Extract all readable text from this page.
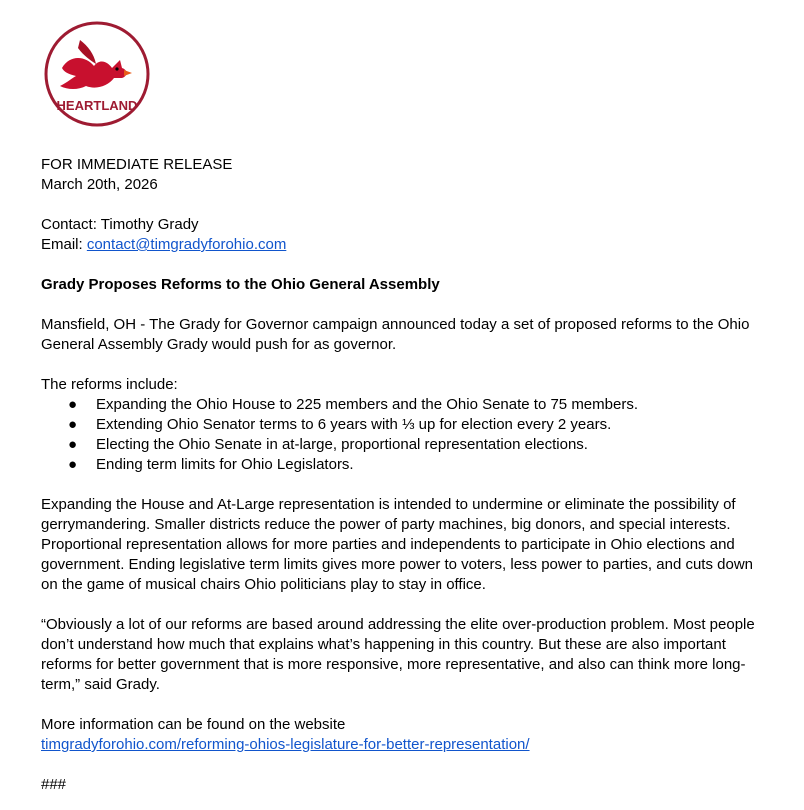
HEARTLAND

FOR IMMEDIATE RELEASE

March 20th, 2026

Contact: Timothy Grady

Email: contact@timgradyforohio.com

Grady Proposes Reforms to the Ohio General Assembly

Mansfield, OH - The Grady for Governor campaign announced today a set of proposed reforms to the Ohio General Assembly Grady would push for as governor.

The reforms include:

● Expanding the Ohio House to 225 members and the Ohio Senate to 75 members.
● Extending Ohio Senator terms to 6 years with ⅓ up for election every 2 years.
● Electing the Ohio Senate in at-large, proportional representation elections.
● Ending term limits for Ohio Legislators.

Expanding the House and At-Large representation is intended to undermine or eliminate the possibility of gerrymandering. Smaller districts reduce the power of party machines, big donors, and special interests. Proportional representation allows for more parties and independents to participate in Ohio elections and government. Ending legislative term limits gives more power to voters, less power to parties, and cuts down on the game of musical chairs Ohio politicians play to stay in office.

“Obviously a lot of our reforms are based around addressing the elite over-production problem. Most people don’t understand how much that explains what’s happening in this country. But these are also important reforms for better government that is more responsive, more representative, and also can think more long-term,” said Grady.

More information can be found on the website

timgradyforohio.com/reforming-ohios-legislature-for-better-representation/

###
